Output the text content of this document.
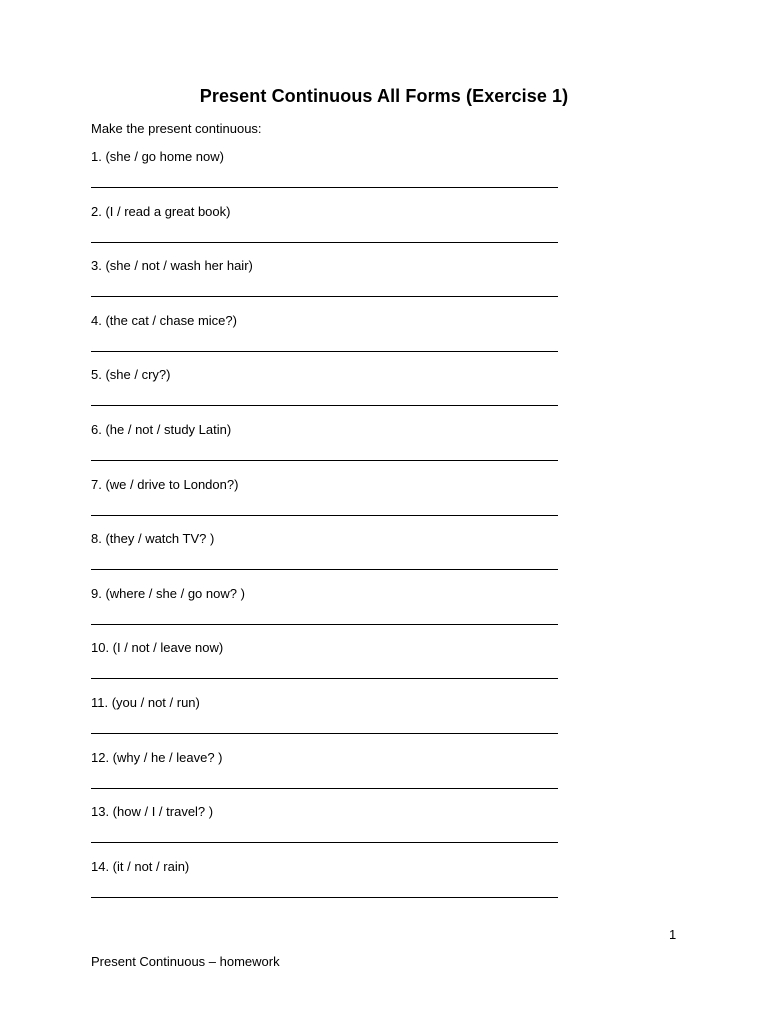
Present Continuous All Forms (Exercise 1)
Make the present continuous:
1. (she / go home now)
2. (I / read a great book)
3. (she / not / wash her hair)
4. (the cat / chase mice?)
5. (she / cry?)
6. (he / not / study Latin)
7. (we / drive to London?)
8. (they / watch TV? )
9. (where / she / go now? )
10. (I / not / leave now)
11. (you / not / run)
12. (why / he / leave? )
13. (how / I / travel? )
14. (it / not / rain)
1
Present Continuous – homework
